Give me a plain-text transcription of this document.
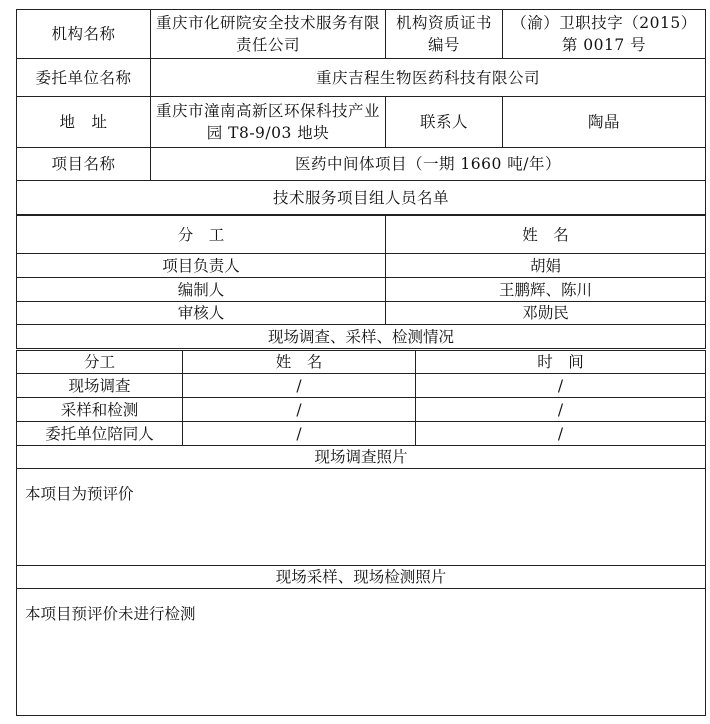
机构名称	重庆市化研院安全技术服务有限责任公司	机构资质证书编号	（渝）卫职技字（2015）第 0017 号
委托单位名称	重庆吉程生物医药科技有限公司		
地　址	重庆市潼南高新区环保科技产业园 T8-9/03 地块	联系人	陶晶
项目名称	医药中间体项目（一期 1660 吨/年）		
技术服务项目组人员名单			
分　工	姓　名
项目负责人	胡娟
编制人	王鹏辉、陈川
审核人	邓勋民
现场调查、采样、检测情况	
分工	姓　名	时　间
现场调查	/	/
采样和检测	/	/
委托单位陪同人	/	/
现场调查照片
本项目为预评价
现场采样、现场检测照片
本项目预评价未进行检测
